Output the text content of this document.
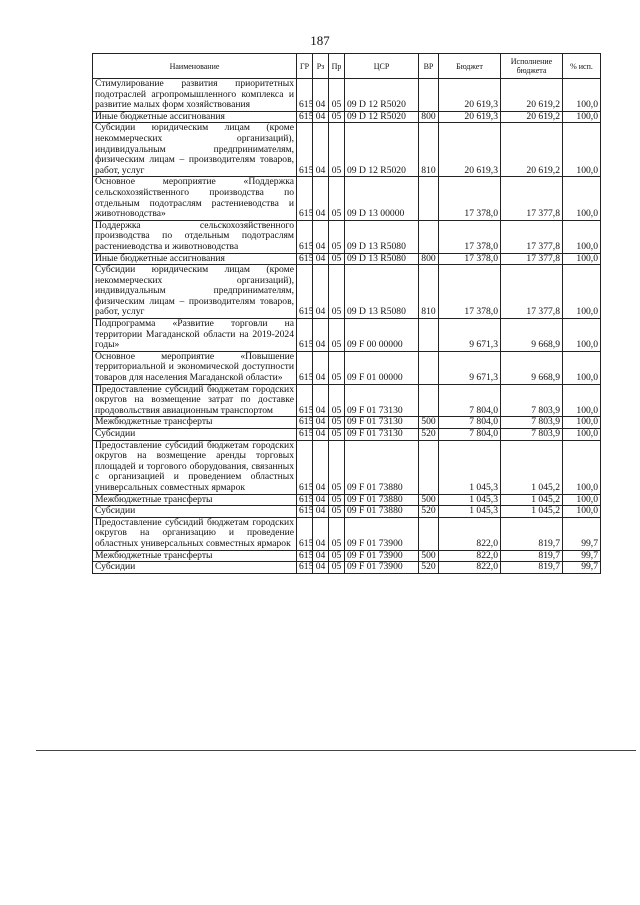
187
Наименование	ГР	Рз	Пр	ЦСР	ВР	Бюджет	Исполнение бюджета	% исп.
Стимулирование развития приоритетных подотраслей агропромышленного комплекса и развитие малых форм хозяйствования	615	04	05	09 D 12 R5020		20 619,3	20 619,2	100,0
Иные бюджетные ассигнования	615	04	05	09 D 12 R5020	800	20 619,3	20 619,2	100,0
Субсидии юридическим лицам (кроме некоммерческих организаций), индивидуальным предпринимателям, физическим лицам – производителям товаров, работ, услуг	615	04	05	09 D 12 R5020	810	20 619,3	20 619,2	100,0
Основное мероприятие «Поддержка сельскохозяйственного производства по отдельным подотраслям растениеводства и животноводства»	615	04	05	09 D 13 00000		17 378,0	17 377,8	100,0
Поддержка сельскохозяйственного производства по отдельным подотраслям растениеводства и животноводства	615	04	05	09 D 13 R5080		17 378,0	17 377,8	100,0
Иные бюджетные ассигнования	615	04	05	09 D 13 R5080	800	17 378,0	17 377,8	100,0
Субсидии юридическим лицам (кроме некоммерческих организаций), индивидуальным предпринимателям, физическим лицам – производителям товаров, работ, услуг	615	04	05	09 D 13 R5080	810	17 378,0	17 377,8	100,0
Подпрограмма «Развитие торговли на территории Магаданской области на 2019-2024 годы»	615	04	05	09 F 00 00000		9 671,3	9 668,9	100,0
Основное мероприятие «Повышение территориальной и экономической доступности товаров для населения Магаданской области»	615	04	05	09 F 01 00000		9 671,3	9 668,9	100,0
Предоставление субсидий бюджетам городских округов на возмещение затрат по доставке продовольствия авиационным транспортом	615	04	05	09 F 01 73130		7 804,0	7 803,9	100,0
Межбюджетные трансферты	615	04	05	09 F 01 73130	500	7 804,0	7 803,9	100,0
Субсидии	615	04	05	09 F 01 73130	520	7 804,0	7 803,9	100,0
Предоставление субсидий бюджетам городских округов на возмещение аренды торговых площадей и торгового оборудования, связанных с организацией и проведением областных универсальных совместных ярмарок	615	04	05	09 F 01 73880		1 045,3	1 045,2	100,0
Межбюджетные трансферты	615	04	05	09 F 01 73880	500	1 045,3	1 045,2	100,0
Субсидии	615	04	05	09 F 01 73880	520	1 045,3	1 045,2	100,0
Предоставление субсидий бюджетам городских округов на организацию и проведение областных универсальных совместных ярмарок	615	04	05	09 F 01 73900		822,0	819,7	99,7
Межбюджетные трансферты	615	04	05	09 F 01 73900	500	822,0	819,7	99,7
Субсидии	615	04	05	09 F 01 73900	520	822,0	819,7	99,7
